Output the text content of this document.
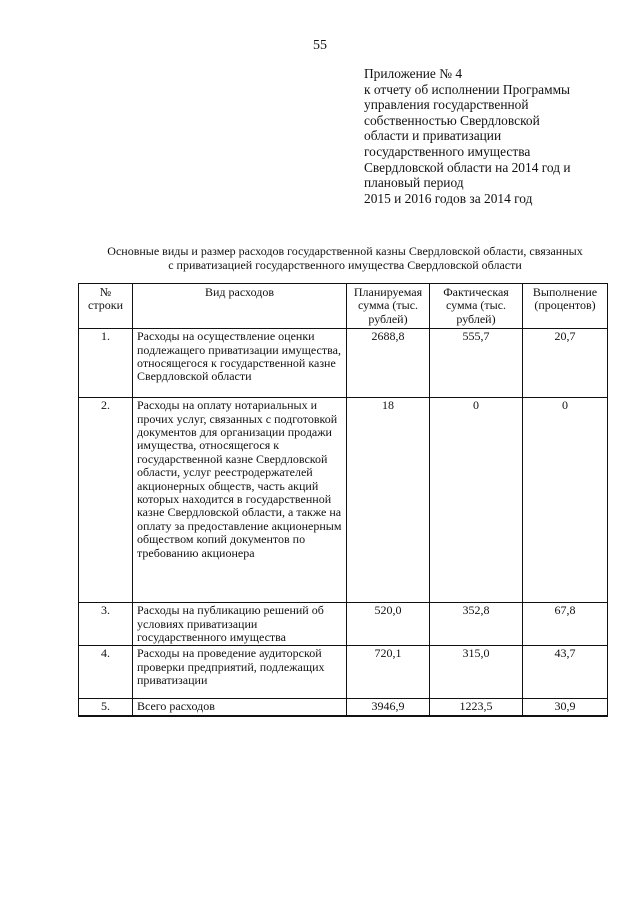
55
Приложение № 4
к отчету об исполнении Программы
управления государственной
собственностью Свердловской
области и приватизации
государственного имущества
Свердловской области на 2014 год и
плановый период
2015 и 2016 годов за 2014 год
Основные виды и размер расходов государственной казны Свердловской области, связанных
с приватизацией государственного имущества Свердловской области
№ строки	Вид расходов	Планируемая сумма (тыс. рублей)	Фактическая сумма (тыс. рублей)	Выполнение (процентов)
1.	Расходы на осуществление оценки подлежащего приватизации имущества, относящегося к государственной казне Свердловской области	2688,8	555,7	20,7
2.	Расходы на оплату нотариальных и прочих услуг, связанных с подготовкой документов для организации продажи имущества, относящегося к государственной казне Свердловской области, услуг реестродержателей акционерных обществ, часть акций которых находится в государственной казне Свердловской области, а также на оплату за предоставление акционерным обществом копий документов по требованию акционера	18	0	0
3.	Расходы на публикацию решений об условиях приватизации государственного имущества	520,0	352,8	67,8
4.	Расходы на проведение аудиторской проверки предприятий, подлежащих приватизации	720,1	315,0	43,7
5.	Всего расходов	3946,9	1223,5	30,9
